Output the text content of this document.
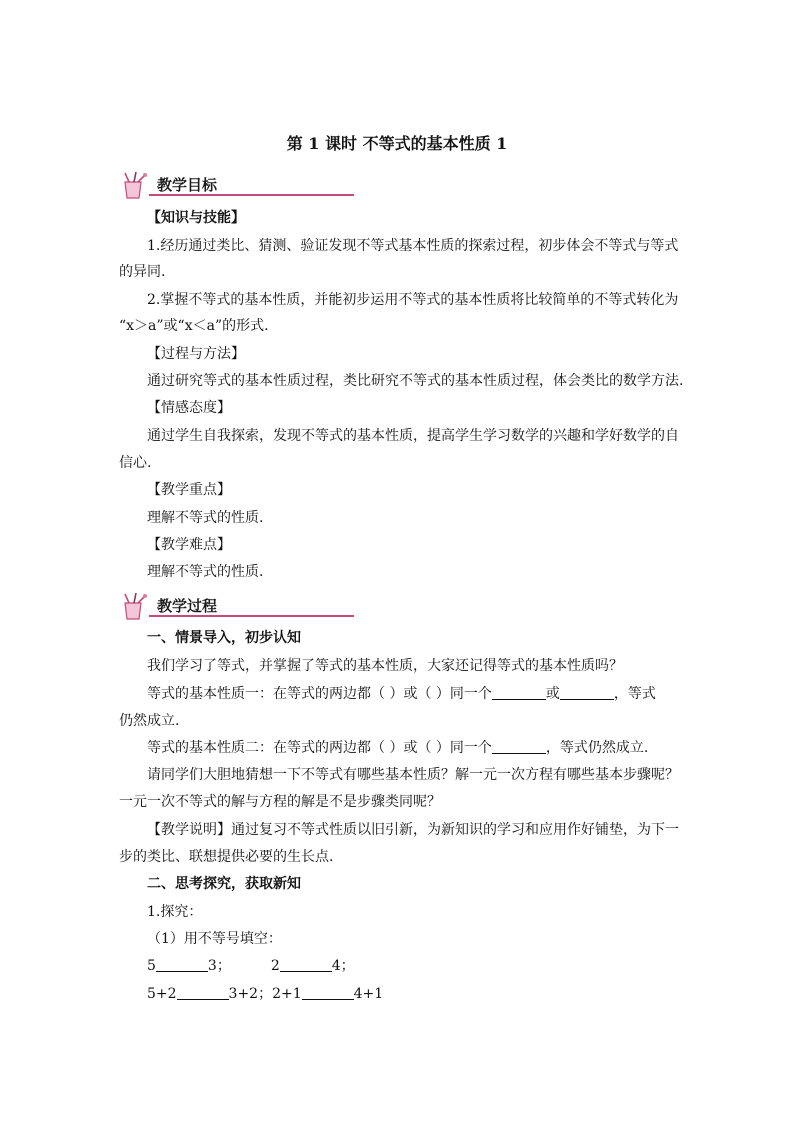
第 1 课时 不等式的基本性质 1
教学目标
【知识与技能】
1.经历通过类比、猜测、验证发现不等式基本性质的探索过程，初步体会不等式与等式
的异同.
2.掌握不等式的基本性质，并能初步运用不等式的基本性质将比较简单的不等式转化为
“x＞a”或“x＜a”的形式.
【过程与方法】
通过研究等式的基本性质过程，类比研究不等式的基本性质过程，体会类比的数学方法.
【情感态度】
通过学生自我探索，发现不等式的基本性质，提高学生学习数学的兴趣和学好数学的自
信心.
【教学重点】
理解不等式的性质.
【教学难点】
理解不等式的性质.
教学过程
一、情景导入，初步认知
我们学习了等式，并掌握了等式的基本性质，大家还记得等式的基本性质吗？
等式的基本性质一：在等式的两边都（ ）或（ ）同一个	或	，等式
仍然成立.
等式的基本性质二：在等式的两边都（ ）或（ ）同一个	，等式仍然成立.
请同学们大胆地猜想一下不等式有哪些基本性质？解一元一次方程有哪些基本步骤呢？
一元一次不等式的解与方程的解是不是步骤类同呢？
【教学说明】通过复习不等式性质以旧引新，为新知识的学习和应用作好铺垫，为下一
步的类比、联想提供必要的生长点.
二、思考探究，获取新知
1.探究：
（1）用不等号填空：
5	3；	2	4；
5+2	3+2；2+1	4+1
